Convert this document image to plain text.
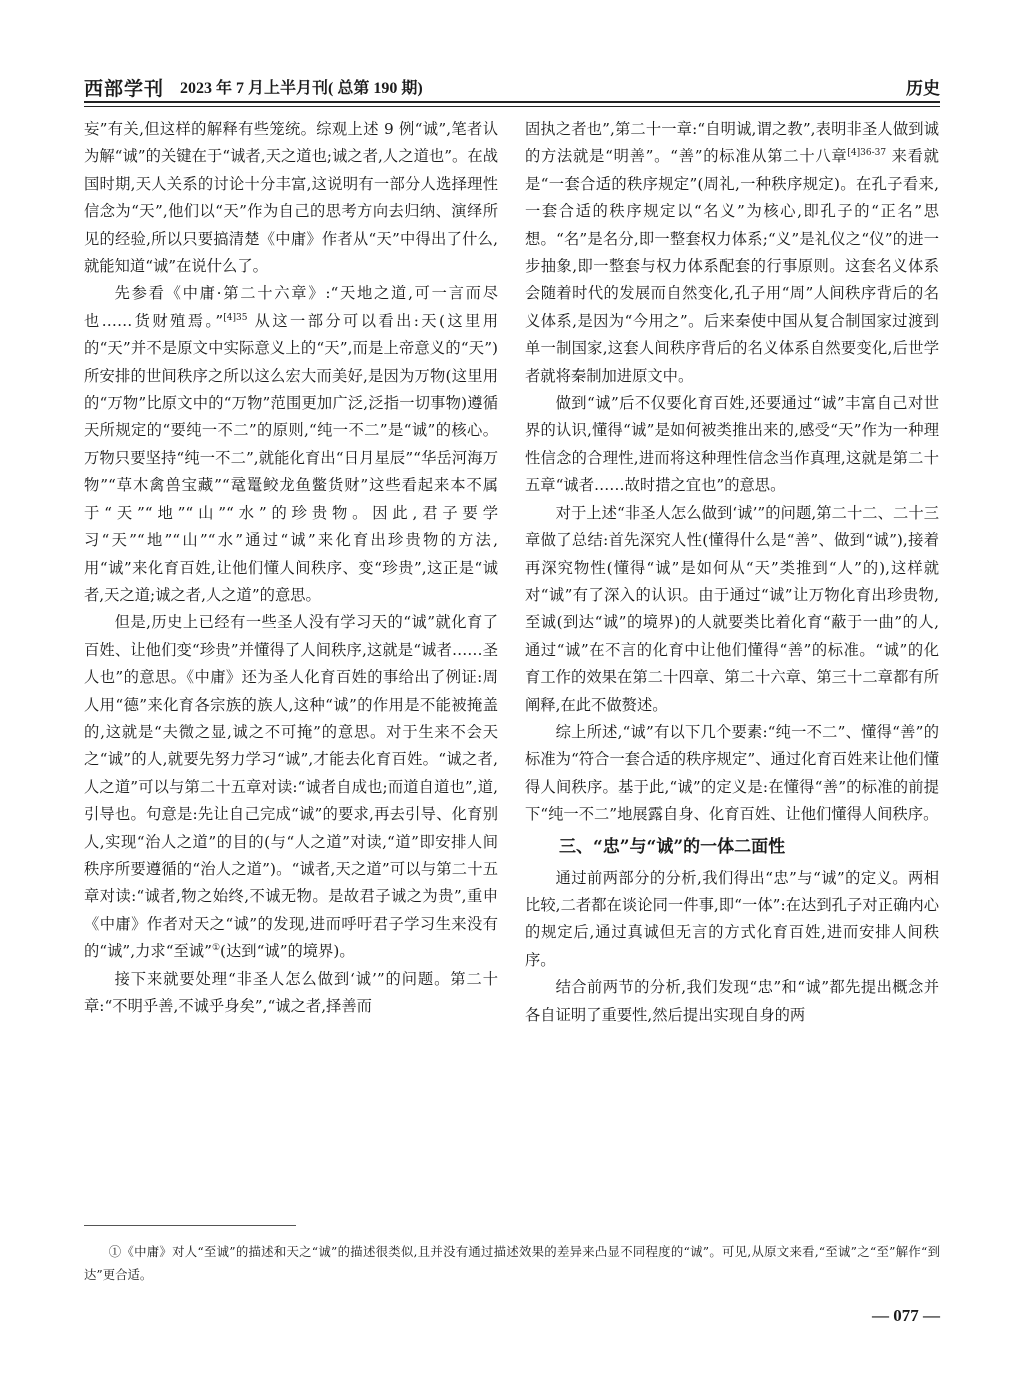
西部学刊 2023 年 7 月上半月刊( 总第 190 期)	历史

妄”有关,但这样的解释有些笼统。综观上述 9 例“诚”,笔者认为解“诚”的关键在于“诚者,天之道也;诚之者,人之道也”。在战国时期,天人关系的讨论十分丰富,这说明有一部分人选择理性信念为“天”,他们以“天”作为自己的思考方向去归纳、演绎所见的经验,所以只要搞清楚《中庸》作者从“天”中得出了什么,就能知道“诚”在说什么了。

先参看《中庸·第二十六章》:“天地之道,可一言而尽也……货财殖焉。”$^{[4]35}$ 从这一部分可以看出:天(这里用的“天”并不是原文中实际意义上的“天”,而是上帝意义的“天”)所安排的世间秩序之所以这么宏大而美好,是因为万物(这里用的“万物”比原文中的“万物”范围更加广泛,泛指一切事物)遵循天所规定的“要纯一不二”的原则,“纯一不二”是“诚”的核心。万物只要坚持“纯一不二”,就能化育出“日月星辰”“华岳河海万物”“草木禽兽宝藏”“鼋鼍鲛龙鱼鳖货财”这些看起来本不属于“天”“地”“山”“水”的珍贵物。因此,君子要学习“天”“地”“山”“水”通过“诚”来化育出珍贵物的方法,用“诚”来化育百姓,让他们懂人间秩序、变“珍贵”,这正是“诚者,天之道;诚之者,人之道”的意思。

但是,历史上已经有一些圣人没有学习天的“诚”就化育了百姓、让他们变“珍贵”并懂得了人间秩序,这就是“诚者……圣人也”的意思。《中庸》还为圣人化育百姓的事给出了例证:周人用“德”来化育各宗族的族人,这种“诚”的作用是不能被掩盖的,这就是“夫微之显,诚之不可掩”的意思。对于生来不会天之“诚”的人,就要先努力学习“诚”,才能去化育百姓。“诚之者,人之道”可以与第二十五章对读:“诚者自成也;而道自道也”,道,引导也。句意是:先让自己完成“诚”的要求,再去引导、化育别人,实现“治人之道”的目的(与“人之道”对读,“道”即安排人间秩序所要遵循的“治人之道”)。“诚者,天之道”可以与第二十五章对读:“诚者,物之始终,不诚无物。是故君子诚之为贵”,重申《中庸》作者对天之“诚”的发现,进而呼吁君子学习生来没有的“诚”,力求“至诚”①(达到“诚”的境界)。

接下来就要处理“非圣人怎么做到‘诚’”的问题。第二十章:“不明乎善,不诚乎身矣”,“诚之者,择善而

固执之者也”,第二十一章:“自明诚,谓之教”,表明非圣人做到诚的方法就是“明善”。“善”的标准从第二十八章$^{[4]36-37}$ 来看就是“一套合适的秩序规定”(周礼,一种秩序规定)。在孔子看来,一套合适的秩序规定以“名义”为核心,即孔子的“正名”思想。“名”是名分,即一整套权力体系;“义”是礼仪之“仪”的进一步抽象,即一整套与权力体系配套的行事原则。这套名义体系会随着时代的发展而自然变化,孔子用“周”人间秩序背后的名义体系,是因为“今用之”。后来秦使中国从复合制国家过渡到单一制国家,这套人间秩序背后的名义体系自然要变化,后世学者就将秦制加进原文中。

做到“诚”后不仅要化育百姓,还要通过“诚”丰富自己对世界的认识,懂得“诚”是如何被类推出来的,感受“天”作为一种理性信念的合理性,进而将这种理性信念当作真理,这就是第二十五章“诚者……故时措之宜也”的意思。

对于上述“非圣人怎么做到‘诚’”的问题,第二十二、二十三章做了总结:首先深究人性(懂得什么是“善”、做到“诚”),接着再深究物性(懂得“诚”是如何从“天”类推到“人”的),这样就对“诚”有了深入的认识。由于通过“诚”让万物化育出珍贵物,至诚(到达“诚”的境界)的人就要类比着化育“蔽于一曲”的人,通过“诚”在不言的化育中让他们懂得“善”的标准。“诚”的化育工作的效果在第二十四章、第二十六章、第三十二章都有所阐释,在此不做赘述。

综上所述,“诚”有以下几个要素:“纯一不二”、懂得“善”的标准为“符合一套合适的秩序规定”、通过化育百姓来让他们懂得人间秩序。基于此,“诚”的定义是:在懂得“善”的标准的前提下“纯一不二”地展露自身、化育百姓、让他们懂得人间秩序。

三、“忠”与“诚”的一体二面性

通过前两部分的分析,我们得出“忠”与“诚”的定义。两相比较,二者都在谈论同一件事,即“一体”:在达到孔子对正确内心的规定后,通过真诚但无言的方式化育百姓,进而安排人间秩序。

结合前两节的分析,我们发现“忠”和“诚”都先提出概念并各自证明了重要性,然后提出实现自身的两

①《中庸》对人“至诚”的描述和天之“诚”的描述很类似,且并没有通过描述效果的差异来凸显不同程度的“诚”。可见,从原文来看,“至诚”之“至”解作“到达”更合适。
— 077 —
